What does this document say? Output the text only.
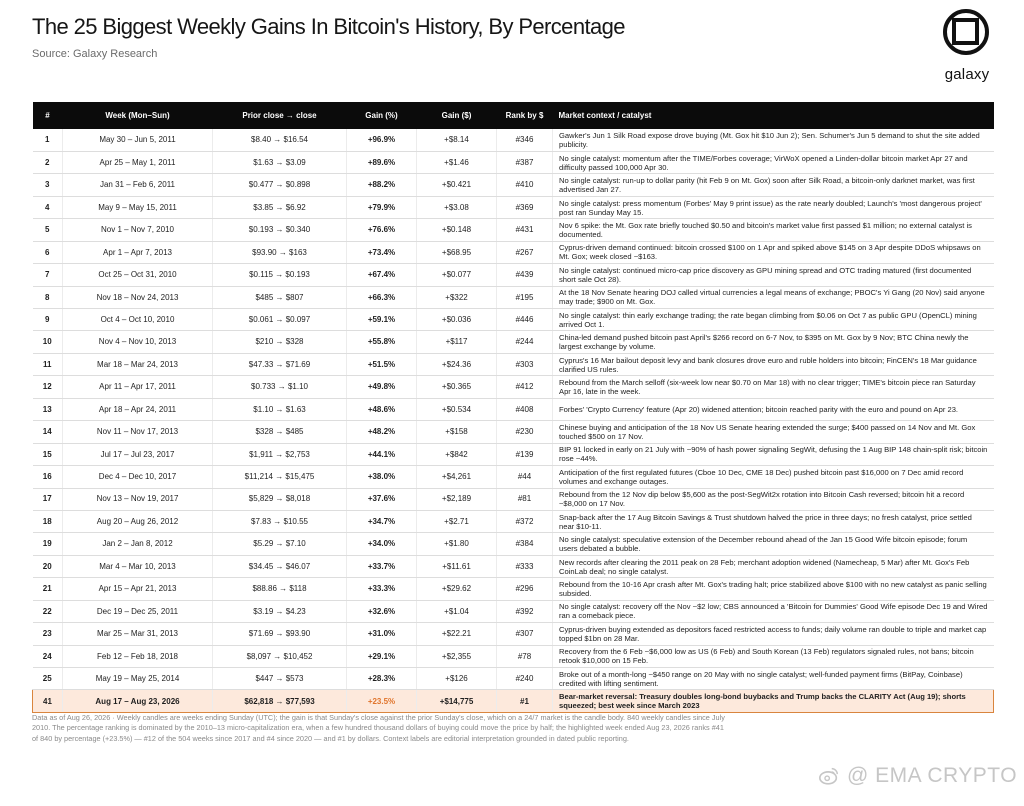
The 25 Biggest Weekly Gains In Bitcoin's History, By Percentage
Source: Galaxy Research
galaxy
#	Week (Mon–Sun)	Prior close → close	Gain (%)	Gain ($)	Rank by $	Market context / catalyst
1	May 30 – Jun 5, 2011	$8.40 → $16.54	+96.9%	+$8.14	#346	Gawker's Jun 1 Silk Road expose drove buying (Mt. Gox hit $10 Jun 2); Sen. Schumer's Jun 5 demand to shut the site added publicity.
2	Apr 25 – May 1, 2011	$1.63 → $3.09	+89.6%	+$1.46	#387	No single catalyst: momentum after the TIME/Forbes coverage; VirWoX opened a Linden-dollar bitcoin market Apr 27 and difficulty passed 100,000 Apr 30.
3	Jan 31 – Feb 6, 2011	$0.477 → $0.898	+88.2%	+$0.421	#410	No single catalyst: run-up to dollar parity (hit Feb 9 on Mt. Gox) soon after Silk Road, a bitcoin-only darknet market, was first advertised Jan 27.
4	May 9 – May 15, 2011	$3.85 → $6.92	+79.9%	+$3.08	#369	No single catalyst: press momentum (Forbes' May 9 print issue) as the rate nearly doubled; Launch's 'most dangerous project' post ran Sunday May 15.
5	Nov 1 – Nov 7, 2010	$0.193 → $0.340	+76.6%	+$0.148	#431	Nov 6 spike: the Mt. Gox rate briefly touched $0.50 and bitcoin's market value first passed $1 million; no external catalyst is documented.
6	Apr 1 – Apr 7, 2013	$93.90 → $163	+73.4%	+$68.95	#267	Cyprus-driven demand continued: bitcoin crossed $100 on 1 Apr and spiked above $145 on 3 Apr despite DDoS whipsaws on Mt. Gox; week closed ~$163.
7	Oct 25 – Oct 31, 2010	$0.115 → $0.193	+67.4%	+$0.077	#439	No single catalyst: continued micro-cap price discovery as GPU mining spread and OTC trading matured (first documented short sale Oct 28).
8	Nov 18 – Nov 24, 2013	$485 → $807	+66.3%	+$322	#195	At the 18 Nov Senate hearing DOJ called virtual currencies a legal means of exchange; PBOC's Yi Gang (20 Nov) said anyone may trade; $900 on Mt. Gox.
9	Oct 4 – Oct 10, 2010	$0.061 → $0.097	+59.1%	+$0.036	#446	No single catalyst: thin early exchange trading; the rate began climbing from $0.06 on Oct 7 as public GPU (OpenCL) mining arrived Oct 1.
10	Nov 4 – Nov 10, 2013	$210 → $328	+55.8%	+$117	#244	China-led demand pushed bitcoin past April's $266 record on 6-7 Nov, to $395 on Mt. Gox by 9 Nov; BTC China newly the largest exchange by volume.
11	Mar 18 – Mar 24, 2013	$47.33 → $71.69	+51.5%	+$24.36	#303	Cyprus's 16 Mar bailout deposit levy and bank closures drove euro and ruble holders into bitcoin; FinCEN's 18 Mar guidance clarified US rules.
12	Apr 11 – Apr 17, 2011	$0.733 → $1.10	+49.8%	+$0.365	#412	Rebound from the March selloff (six-week low near $0.70 on Mar 18) with no clear trigger; TIME's bitcoin piece ran Saturday Apr 16, late in the week.
13	Apr 18 – Apr 24, 2011	$1.10 → $1.63	+48.6%	+$0.534	#408	Forbes' 'Crypto Currency' feature (Apr 20) widened attention; bitcoin reached parity with the euro and pound on Apr 23.
14	Nov 11 – Nov 17, 2013	$328 → $485	+48.2%	+$158	#230	Chinese buying and anticipation of the 18 Nov US Senate hearing extended the surge; $400 passed on 14 Nov and Mt. Gox touched $500 on 17 Nov.
15	Jul 17 – Jul 23, 2017	$1,911 → $2,753	+44.1%	+$842	#139	BIP 91 locked in early on 21 July with ~90% of hash power signaling SegWit, defusing the 1 Aug BIP 148 chain-split risk; bitcoin rose ~44%.
16	Dec 4 – Dec 10, 2017	$11,214 → $15,475	+38.0%	+$4,261	#44	Anticipation of the first regulated futures (Cboe 10 Dec, CME 18 Dec) pushed bitcoin past $16,000 on 7 Dec amid record volumes and exchange outages.
17	Nov 13 – Nov 19, 2017	$5,829 → $8,018	+37.6%	+$2,189	#81	Rebound from the 12 Nov dip below $5,600 as the post-SegWit2x rotation into Bitcoin Cash reversed; bitcoin hit a record ~$8,000 on 17 Nov.
18	Aug 20 – Aug 26, 2012	$7.83 → $10.55	+34.7%	+$2.71	#372	Snap-back after the 17 Aug Bitcoin Savings & Trust shutdown halved the price in three days; no fresh catalyst, price settled near $10-11.
19	Jan 2 – Jan 8, 2012	$5.29 → $7.10	+34.0%	+$1.80	#384	No single catalyst: speculative extension of the December rebound ahead of the Jan 15 Good Wife bitcoin episode; forum users debated a bubble.
20	Mar 4 – Mar 10, 2013	$34.45 → $46.07	+33.7%	+$11.61	#333	New records after clearing the 2011 peak on 28 Feb; merchant adoption widened (Namecheap, 5 Mar) after Mt. Gox's Feb CoinLab deal; no single catalyst.
21	Apr 15 – Apr 21, 2013	$88.86 → $118	+33.3%	+$29.62	#296	Rebound from the 10-16 Apr crash after Mt. Gox's trading halt; price stabilized above $100 with no new catalyst as panic selling subsided.
22	Dec 19 – Dec 25, 2011	$3.19 → $4.23	+32.6%	+$1.04	#392	No single catalyst: recovery off the Nov ~$2 low; CBS announced a 'Bitcoin for Dummies' Good Wife episode Dec 19 and Wired ran a comeback piece.
23	Mar 25 – Mar 31, 2013	$71.69 → $93.90	+31.0%	+$22.21	#307	Cyprus-driven buying extended as depositors faced restricted access to funds; daily volume ran double to triple and market cap topped $1bn on 28 Mar.
24	Feb 12 – Feb 18, 2018	$8,097 → $10,452	+29.1%	+$2,355	#78	Recovery from the 6 Feb ~$6,000 low as US (6 Feb) and South Korean (13 Feb) regulators signaled rules, not bans; bitcoin retook $10,000 on 15 Feb.
25	May 19 – May 25, 2014	$447 → $573	+28.3%	+$126	#240	Broke out of a month-long ~$450 range on 20 May with no single catalyst; well-funded payment firms (BitPay, Coinbase) credited with lifting sentiment.
41	Aug 17 – Aug 23, 2026	$62,818 → $77,593	+23.5%	+$14,775	#1	Bear-market reversal: Treasury doubles long-bond buybacks and Trump backs the CLARITY Act (Aug 19); shorts squeezed; best week since March 2023
Data as of Aug 26, 2026 · Weekly candles are weeks ending Sunday (UTC); the gain is that Sunday's close against the prior Sunday's close, which on a 24/7 market is the candle body. 840 weekly candles since July 2010. The percentage ranking is dominated by the 2010–13 micro-capitalization era, when a few hundred thousand dollars of buying could move the price by half; the highlighted week ended Aug 23, 2026 ranks #41 of 840 by percentage (+23.5%) — #12 of the 504 weeks since 2017 and #4 since 2020 — and #1 by dollars. Context labels are editorial interpretation grounded in dated public reporting.
@ EMA CRYPTO
